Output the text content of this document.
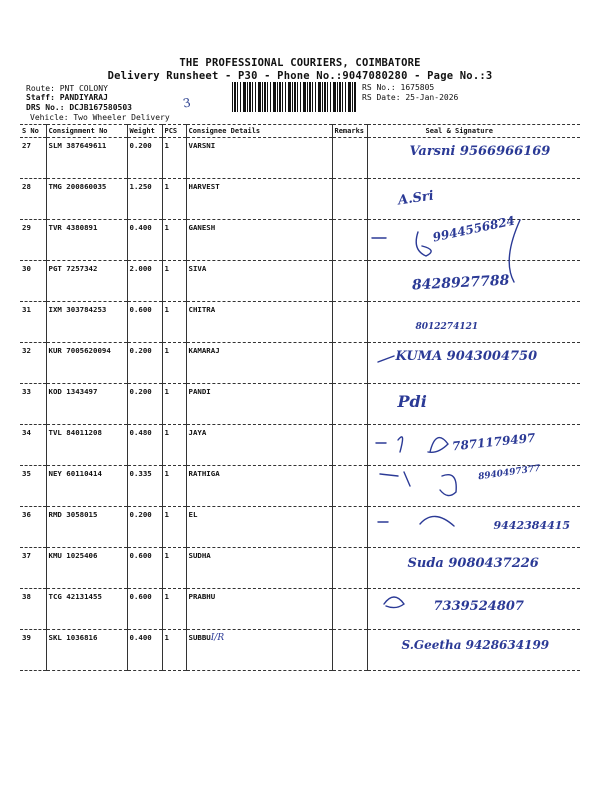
THE PROFESSIONAL COURIERS, COIMBATORE
Delivery Runsheet - P30 - Phone No.:9047080280 - Page No.:3
Route: PNT COLONY
Staff: PANDIYARAJ
DRS No.: DCJB167580503
Vehicle: Two Wheeler Delivery
3
RS No.: 1675805
RS Date: 25-Jan-2026
S No	Consignment No	Weight	PCS	Consignee Details	Remarks	Seal & Signature
27	SLM 387649611	0.200	1	VARSNI		Varsni 9566966169

28	TMG 200860035	1.250	1	HARVEST		A.Sri

29	TVR 4380891	0.400	1	GANESH		9944556824

30	PGT 7257342	2.000	1	SIVA		8428927788

31	IXM 303784253	0.600	1	CHITRA		8012274121

32	KUR 7005620094	0.200	1	KAMARAJ		KUMA 9043004750

33	KOD 1343497	0.200	1	PANDI		Pdi

34	TVL 84011208	0.480	1	JAYA		7871179497

35	NEY 60110414	0.335	1	RATHIGA		8940497377

36	RMD 3058015	0.200	1	EL		9442384415

37	KMU 1025406	0.600	1	SUDHA		Suda 9080437226

38	TCG 42131455	0.600	1	PRABHU		7339524807

39	SKL 1036816	0.400	1	SUBBUI/R		S.Geetha 9428634199
